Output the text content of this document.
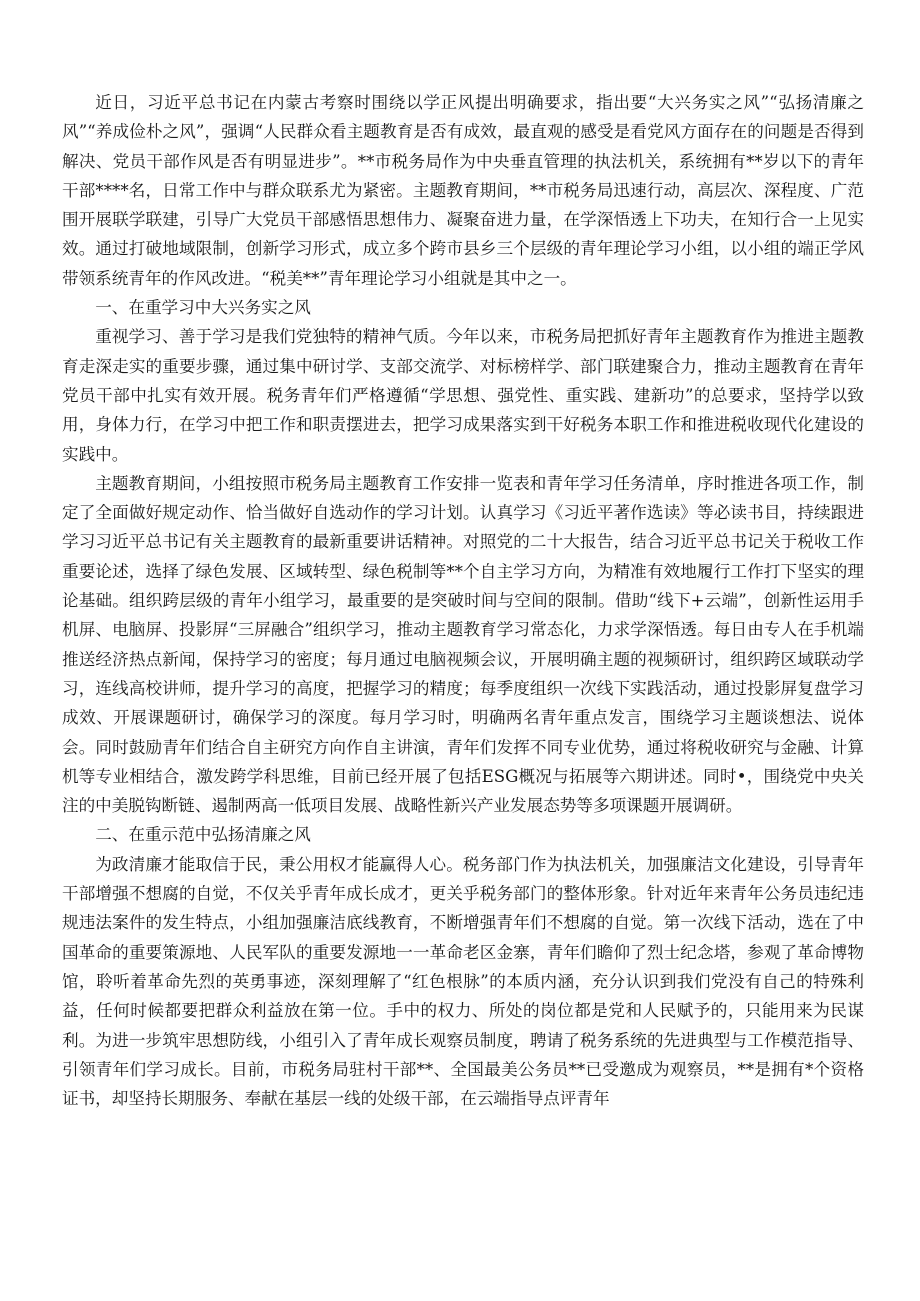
近日，习近平总书记在内蒙古考察时围绕以学正风提出明确要求，指出要“大兴务实之风”“弘扬清廉之风”“养成俭朴之风”，强调“人民群众看主题教育是否有成效，最直观的感受是看党风方面存在的问题是否得到解决、党员干部作风是否有明显进步”。**市税务局作为中央垂直管理的执法机关，系统拥有**岁以下的青年干部****名，日常工作中与群众联系尤为紧密。主题教育期间，**市税务局迅速行动，高层次、深程度、广范围开展联学联建，引导广大党员干部感悟思想伟力、凝聚奋进力量，在学深悟透上下功夫，在知行合一上见实效。通过打破地域限制，创新学习形式，成立多个跨市县乡三个层级的青年理论学习小组，以小组的端正学风带领系统青年的作风改进。“税美**”青年理论学习小组就是其中之一。

一、在重学习中大兴务实之风

重视学习、善于学习是我们党独特的精神气质。今年以来，市税务局把抓好青年主题教育作为推进主题教育走深走实的重要步骤，通过集中研讨学、支部交流学、对标榜样学、部门联建聚合力，推动主题教育在青年党员干部中扎实有效开展。税务青年们严格遵循“学思想、强党性、重实践、建新功”的总要求，坚持学以致用，身体力行，在学习中把工作和职责摆进去，把学习成果落实到干好税务本职工作和推进税收现代化建设的实践中。

主题教育期间，小组按照市税务局主题教育工作安排一览表和青年学习任务清单，序时推进各项工作，制定了全面做好规定动作、恰当做好自选动作的学习计划。认真学习《习近平著作选读》等必读书目，持续跟进学习习近平总书记有关主题教育的最新重要讲话精神。对照党的二十大报告，结合习近平总书记关于税收工作重要论述，选择了绿色发展、区域转型、绿色税制等**个自主学习方向，为精准有效地履行工作打下坚实的理论基础。组织跨层级的青年小组学习，最重要的是突破时间与空间的限制。借助“线下+云端”，创新性运用手机屏、电脑屏、投影屏“三屏融合”组织学习，推动主题教育学习常态化，力求学深悟透。每日由专人在手机端推送经济热点新闻，保持学习的密度；每月通过电脑视频会议，开展明确主题的视频研讨，组织跨区域联动学习，连线高校讲师，提升学习的高度，把握学习的精度；每季度组织一次线下实践活动，通过投影屏复盘学习成效、开展课题研讨，确保学习的深度。每月学习时，明确两名青年重点发言，围绕学习主题谈想法、说体会。同时鼓励青年们结合自主研究方向作自主讲演，青年们发挥不同专业优势，通过将税收研究与金融、计算机等专业相结合，激发跨学科思维，目前已经开展了包括ESG概况与拓展等六期讲述。同时•，围绕党中央关注的中美脱钩断链、遏制两高一低项目发展、战略性新兴产业发展态势等多项课题开展调研。

二、在重示范中弘扬清廉之风

为政清廉才能取信于民，秉公用权才能赢得人心。税务部门作为执法机关，加强廉洁文化建设，引导青年干部增强不想腐的自觉，不仅关乎青年成长成才，更关乎税务部门的整体形象。针对近年来青年公务员违纪违规违法案件的发生特点，小组加强廉洁底线教育，不断增强青年们不想腐的自觉。第一次线下活动，选在了中国革命的重要策源地、人民军队的重要发源地一一革命老区金寨，青年们瞻仰了烈士纪念塔，参观了革命博物馆，聆听着革命先烈的英勇事迹，深刻理解了“红色根脉”的本质内涵，充分认识到我们党没有自己的特殊利益，任何时候都要把群众利益放在第一位。手中的权力、所处的岗位都是党和人民赋予的，只能用来为民谋利。为进一步筑牢思想防线，小组引入了青年成长观察员制度，聘请了税务系统的先进典型与工作模范指导、引领青年们学习成长。目前，市税务局驻村干部**、全国最美公务员**已受邀成为观察员，**是拥有*个资格证书，却坚持长期服务、奉献在基层一线的处级干部，在云端指导点评青年
